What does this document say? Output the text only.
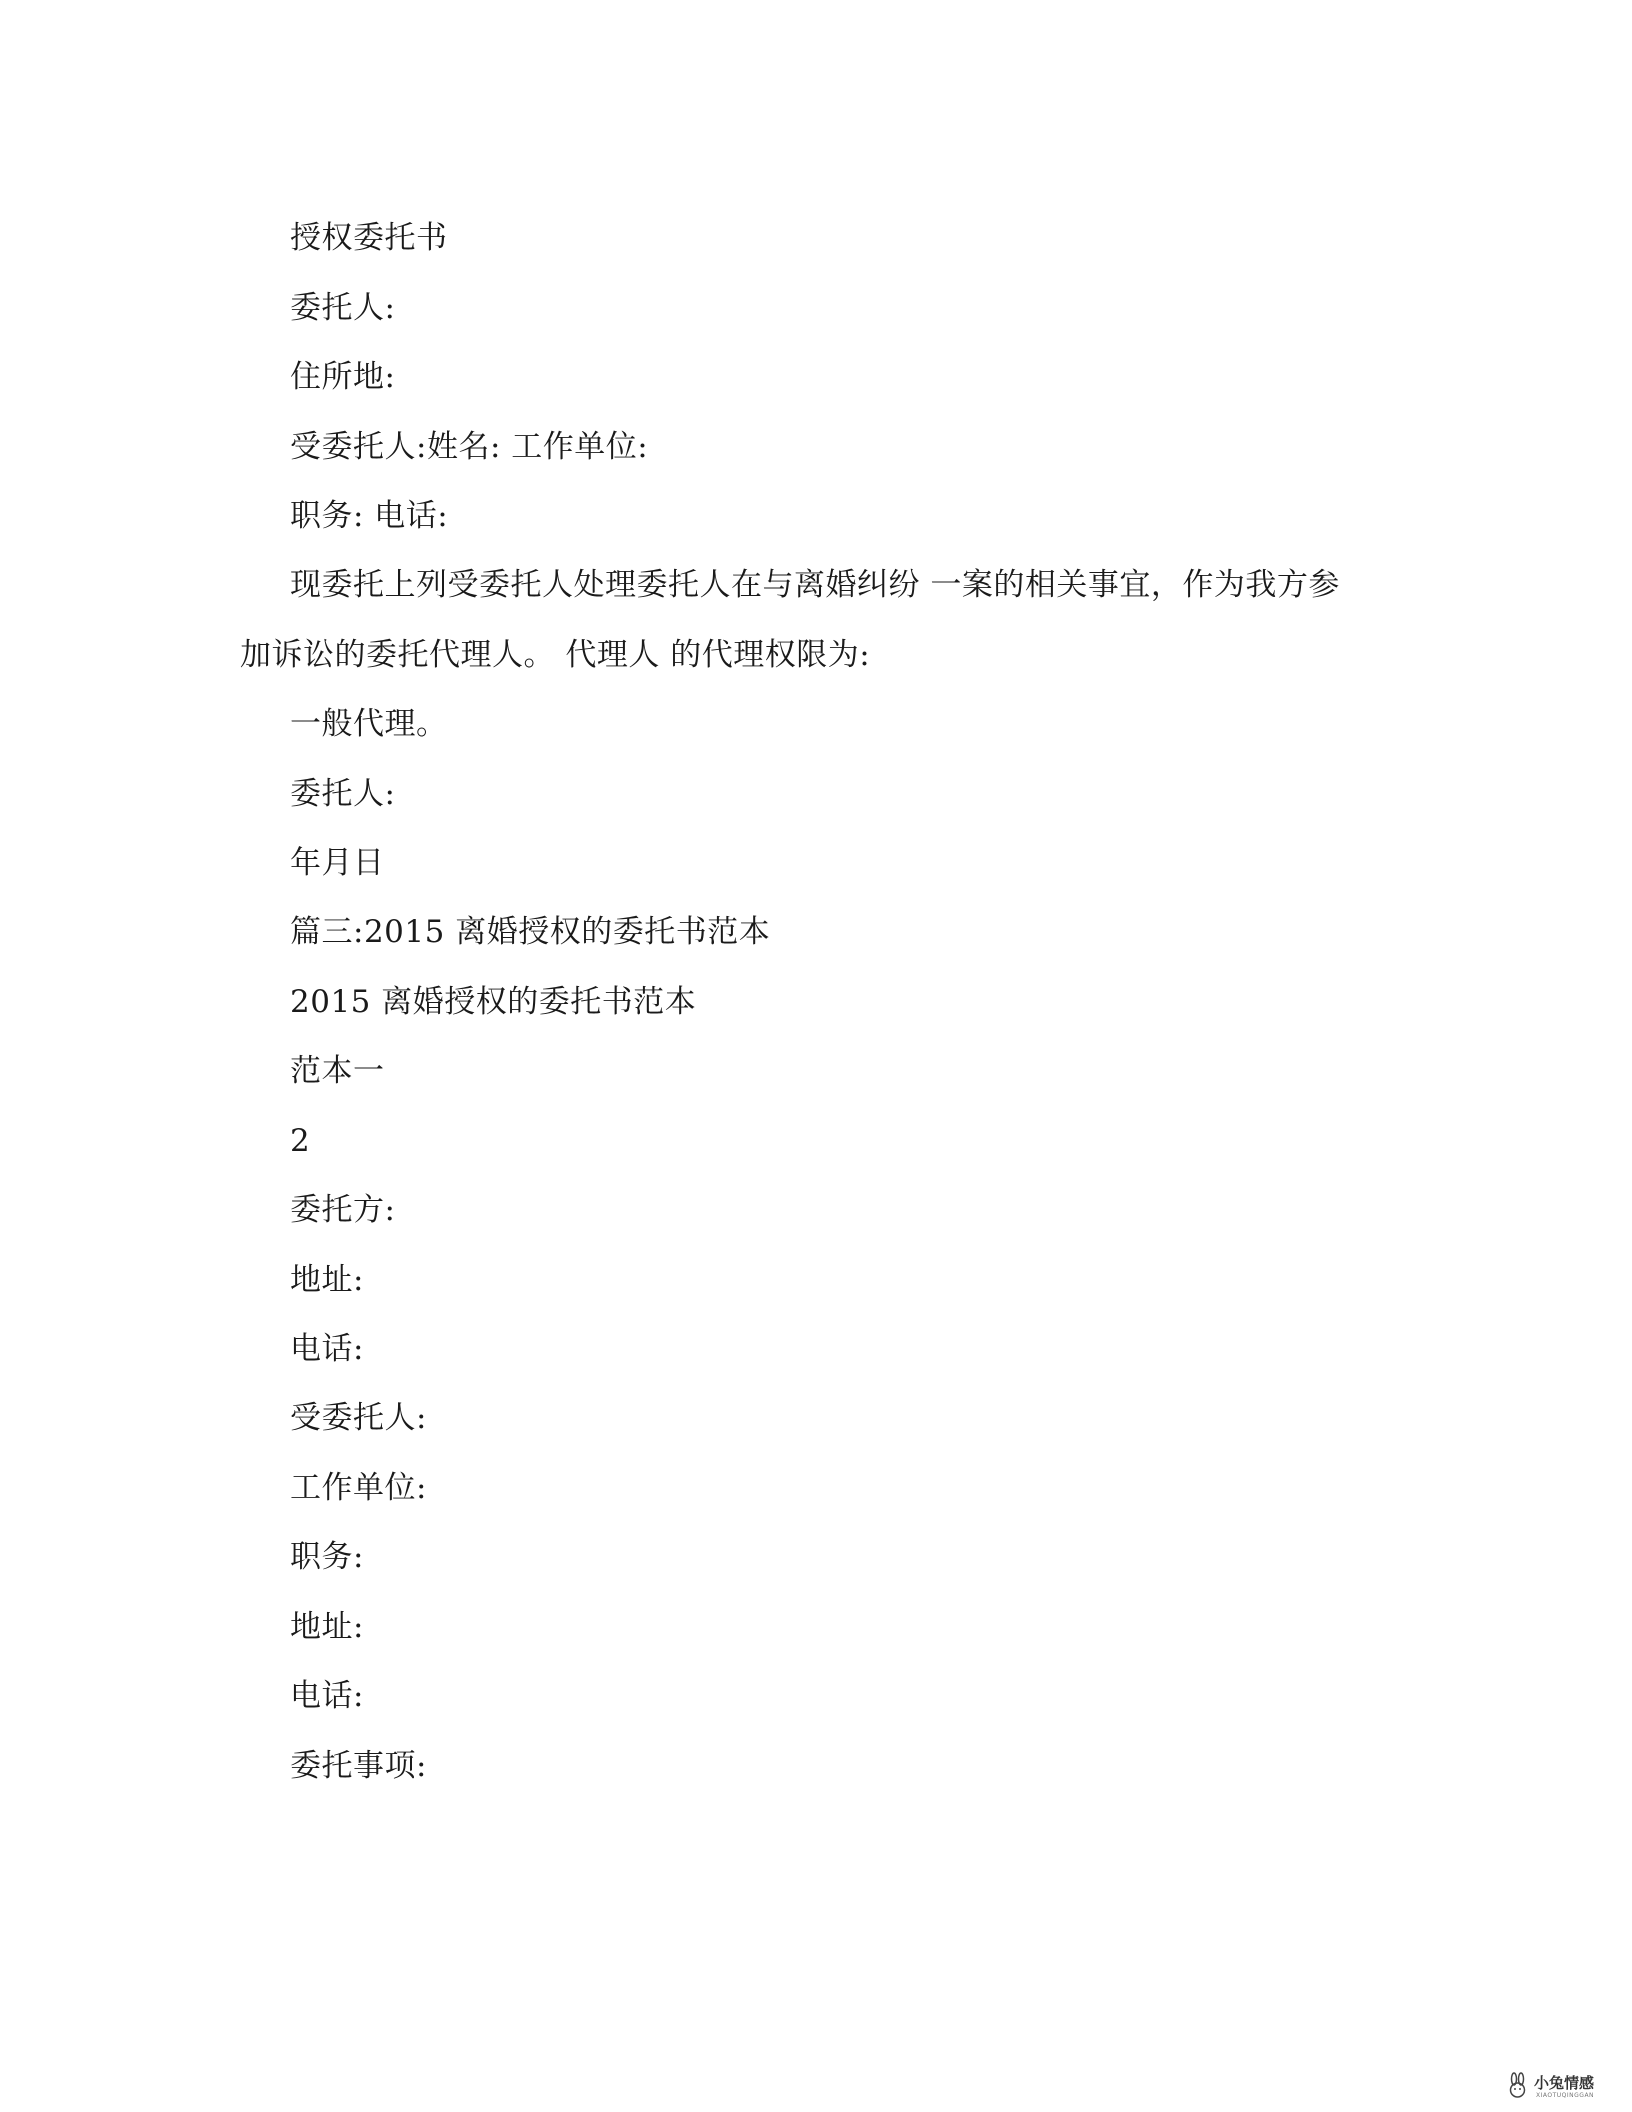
授权委托书
委托人:
住所地:
受委托人:姓名: 工作单位:
职务: 电话:
现委托上列受委托人处理委托人在与离婚纠纷 一案的相关事宜，作为我方参
加诉讼的委托代理人。 代理人 的代理权限为:
一般代理。
委托人:
年月日
篇三:2015 离婚授权的委托书范本
2015 离婚授权的委托书范本
范本一
2
委托方:
地址:
电话:
受委托人:
工作单位:
职务:
地址:
电话:
委托事项:
小兔情感
XIAOTUQINGGAN
